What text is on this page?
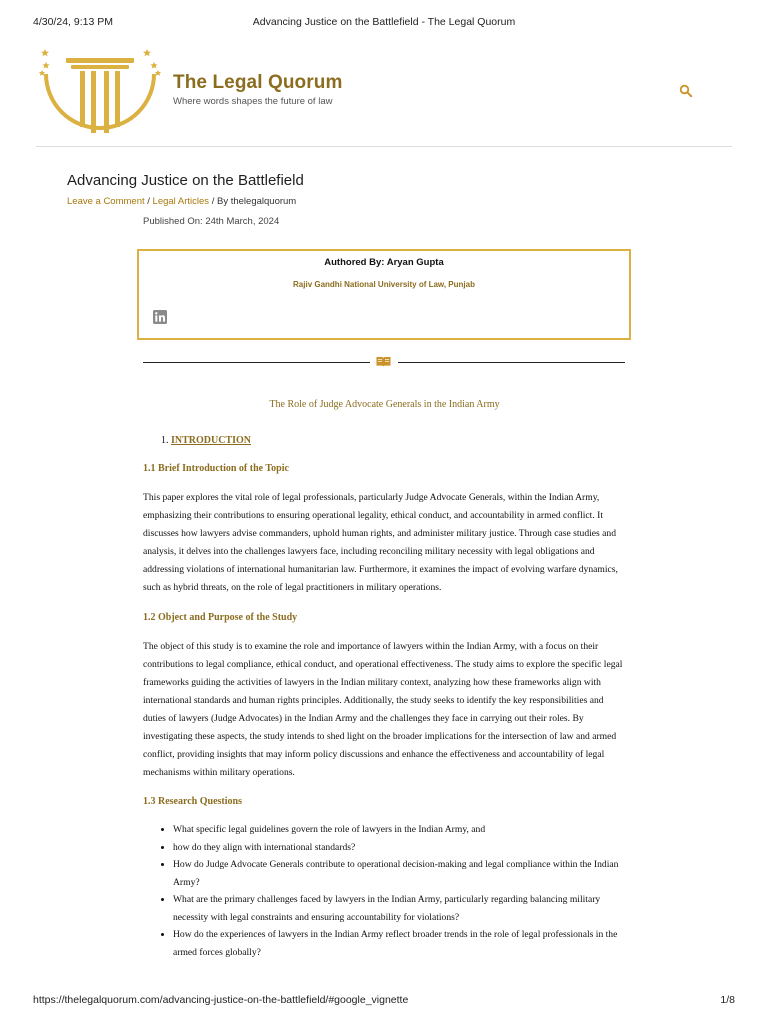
4/30/24, 9:13 PM	Advancing Justice on the Battlefield - The Legal Quorum
The Legal Quorum
Where words shapes the future of law
Advancing Justice on the Battlefield
Leave a Comment / Legal Articles / By thelegalquorum
Published On: 24th March, 2024
Authored By: Aryan Gupta
Rajiv Gandhi National University of Law, Punjab
The Role of Judge Advocate Generals in the Indian Army
1. INTRODUCTION
1.1 Brief Introduction of the Topic

This paper explores the vital role of legal professionals, particularly Judge Advocate Generals, within the Indian Army, emphasizing their contributions to ensuring operational legality, ethical conduct, and accountability in armed conflict. It discusses how lawyers advise commanders, uphold human rights, and administer military justice. Through case studies and analysis, it delves into the challenges lawyers face, including reconciling military necessity with legal obligations and addressing violations of international humanitarian law. Furthermore, it examines the impact of evolving warfare dynamics, such as hybrid threats, on the role of legal practitioners in military operations.

1.2 Object and Purpose of the Study

The object of this study is to examine the role and importance of lawyers within the Indian Army, with a focus on their contributions to legal compliance, ethical conduct, and operational effectiveness. The study aims to explore the specific legal frameworks guiding the activities of lawyers in the Indian military context, analyzing how these frameworks align with international standards and human rights principles. Additionally, the study seeks to identify the key responsibilities and duties of lawyers (Judge Advocates) in the Indian Army and the challenges they face in carrying out their roles. By investigating these aspects, the study intends to shed light on the broader implications for the intersection of law and armed conflict, providing insights that may inform policy discussions and enhance the effectiveness and accountability of legal mechanisms within military operations.

1.3 Research Questions
• What specific legal guidelines govern the role of lawyers in the Indian Army, and
• how do they align with international standards?
• How do Judge Advocate Generals contribute to operational decision-making and legal compliance within the Indian Army?
• What are the primary challenges faced by lawyers in the Indian Army, particularly regarding balancing military necessity with legal constraints and ensuring accountability for violations?
• How do the experiences of lawyers in the Indian Army reflect broader trends in the role of legal professionals in the armed forces globally?
https://thelegalquorum.com/advancing-justice-on-the-battlefield/#google_vignette	1/8
